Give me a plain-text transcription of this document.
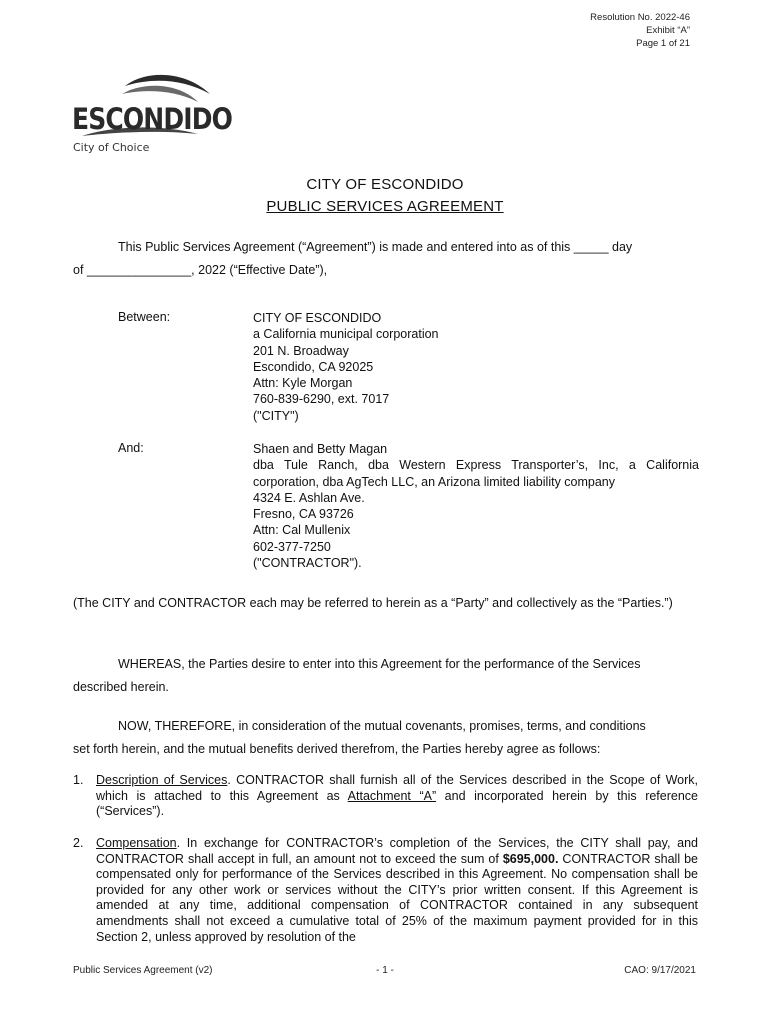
Resolution No. 2022-46
Exhibit “A”
Page 1 of 21
ESCONDIDO
City of Choice
CITY OF ESCONDIDO
PUBLIC SERVICES AGREEMENT
This Public Services Agreement (“Agreement”) is made and entered into as of this _____ day
of _______________, 2022 (“Effective Date”),
Between:	CITY OF ESCONDIDO
a California municipal corporation
201 N. Broadway
Escondido, CA 92025
Attn: Kyle Morgan
760-839-6290, ext. 7017
("CITY")
And:	Shaen and Betty Magan
dba Tule Ranch, dba Western Express Transporter’s, Inc, a California corporation, dba AgTech LLC, an Arizona limited liability company
4324 E. Ashlan Ave.
Fresno, CA 93726
Attn: Cal Mullenix
602-377-7250
("CONTRACTOR").
(The CITY and CONTRACTOR each may be referred to herein as a “Party” and collectively as the “Parties.”)
WHEREAS, the Parties desire to enter into this Agreement for the performance of the Services
described herein.
NOW, THEREFORE, in consideration of the mutual covenants, promises, terms, and conditions
set forth herein, and the mutual benefits derived therefrom, the Parties hereby agree as follows:
1. Description of Services. CONTRACTOR shall furnish all of the Services described in the Scope of Work, which is attached to this Agreement as Attachment “A” and incorporated herein by this reference (“Services”).
2. Compensation. In exchange for CONTRACTOR’s completion of the Services, the CITY shall pay, and CONTRACTOR shall accept in full, an amount not to exceed the sum of $695,000. CONTRACTOR shall be compensated only for performance of the Services described in this Agreement. No compensation shall be provided for any other work or services without the CITY’s prior written consent. If this Agreement is amended at any time, additional compensation of CONTRACTOR contained in any subsequent amendments shall not exceed a cumulative total of 25% of the maximum payment provided for in this Section 2, unless approved by resolution of the
Public Services Agreement (v2)	- 1 -	CAO: 9/17/2021
